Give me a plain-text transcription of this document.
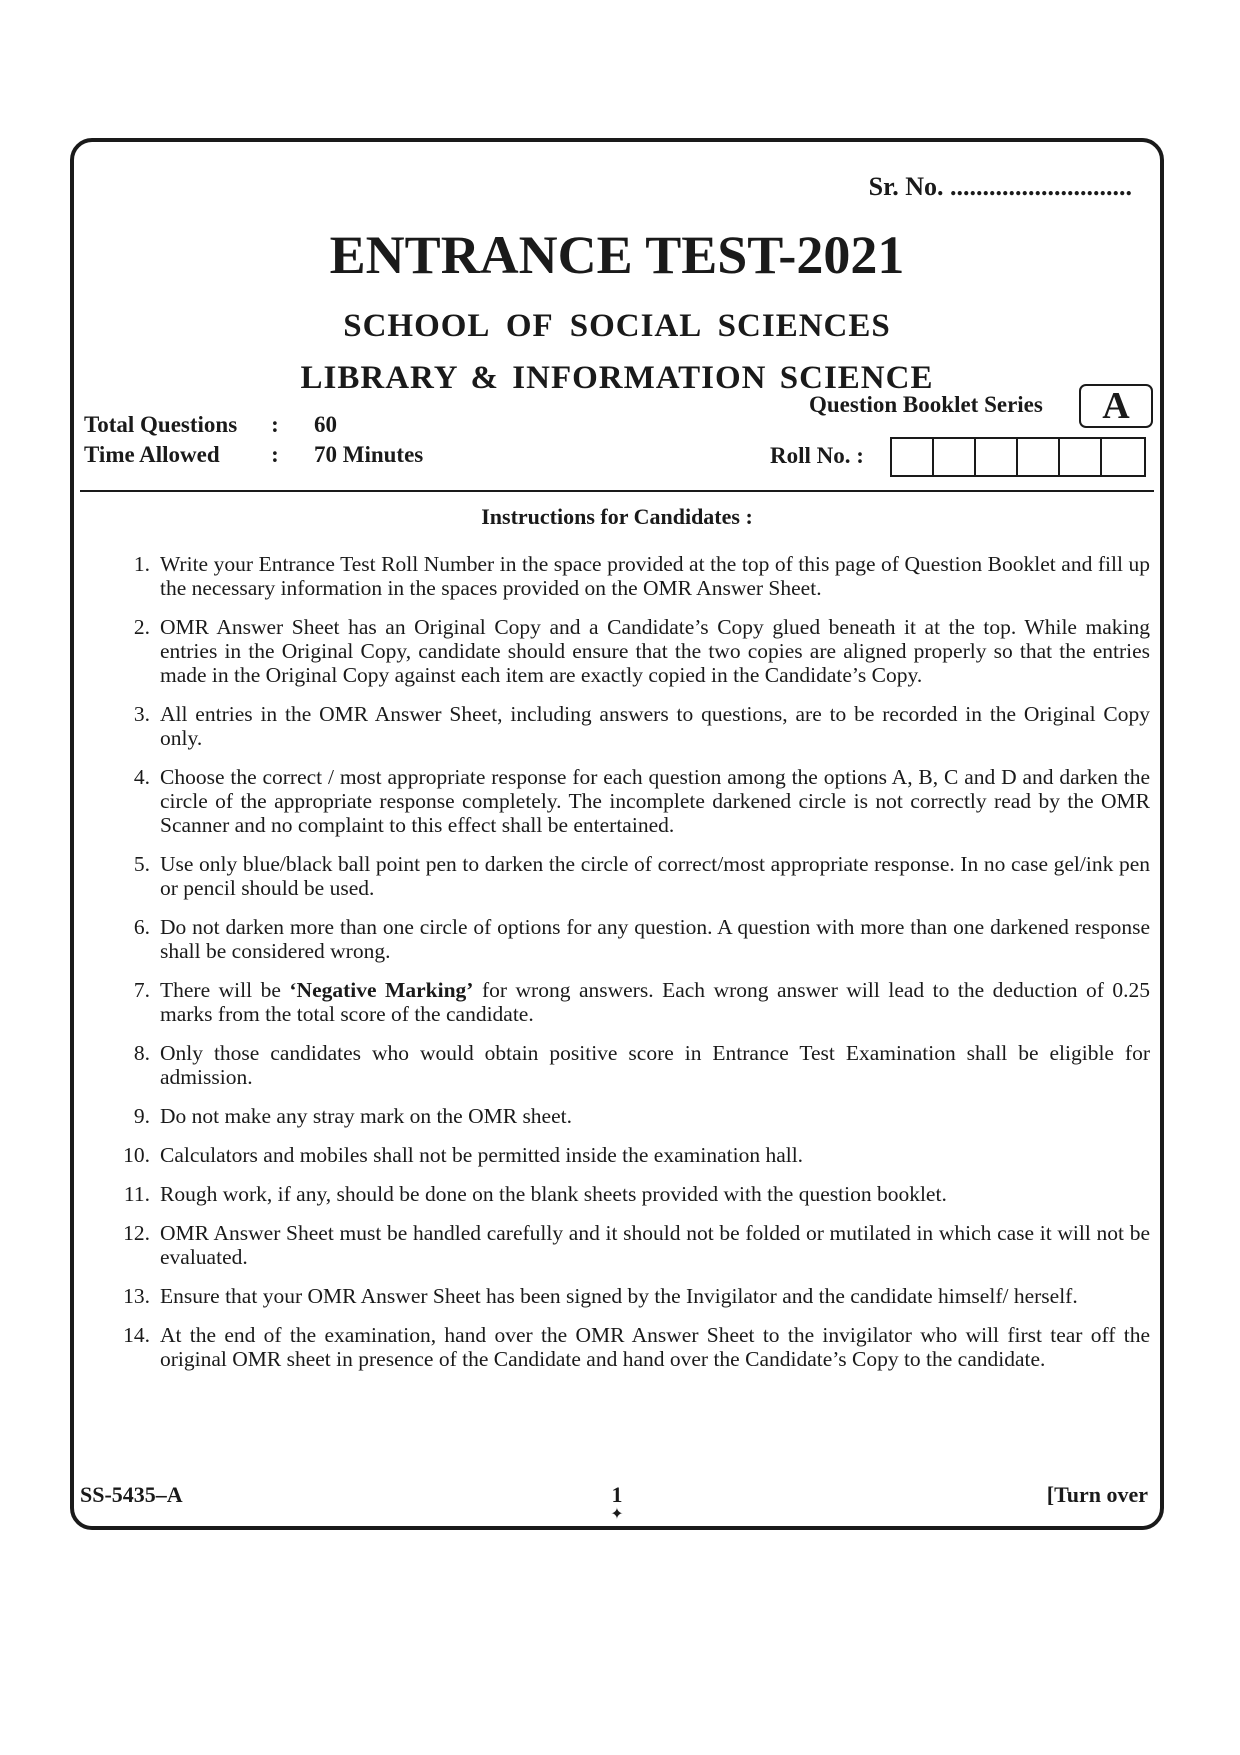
Sr. No. ............................
ENTRANCE TEST-2021
SCHOOL OF SOCIAL SCIENCES
LIBRARY & INFORMATION SCIENCE
Question Booklet Series	A
Total Questions : 60
Time Allowed : 70 Minutes	Roll No. :
Instructions for Candidates :
1. Write your Entrance Test Roll Number in the space provided at the top of this page of Question Booklet and fill up the necessary information in the spaces provided on the OMR Answer Sheet.
2. OMR Answer Sheet has an Original Copy and a Candidate’s Copy glued beneath it at the top. While making entries in the Original Copy, candidate should ensure that the two copies are aligned properly so that the entries made in the Original Copy against each item are exactly copied in the Candidate’s Copy.
3. All entries in the OMR Answer Sheet, including answers to questions, are to be recorded in the Original Copy only.
4. Choose the correct / most appropriate response for each question among the options A, B, C and D and darken the circle of the appropriate response completely. The incomplete darkened circle is not correctly read by the OMR Scanner and no complaint to this effect shall be entertained.
5. Use only blue/black ball point pen to darken the circle of correct/most appropriate response. In no case gel/ink pen or pencil should be used.
6. Do not darken more than one circle of options for any question. A question with more than one darkened response shall be considered wrong.
7. There will be ‘Negative Marking’ for wrong answers. Each wrong answer will lead to the deduction of 0.25 marks from the total score of the candidate.
8. Only those candidates who would obtain positive score in Entrance Test Examination shall be eligible for admission.
9. Do not make any stray mark on the OMR sheet.
10. Calculators and mobiles shall not be permitted inside the examination hall.
11. Rough work, if any, should be done on the blank sheets provided with the question booklet.
12. OMR Answer Sheet must be handled carefully and it should not be folded or mutilated in which case it will not be evaluated.
13. Ensure that your OMR Answer Sheet has been signed by the Invigilator and the candidate himself/ herself.
14. At the end of the examination, hand over the OMR Answer Sheet to the invigilator who will first tear off the original OMR sheet in presence of the Candidate and hand over the Candidate’s Copy to the candidate.
SS-5435–A	1
✦
[Turn over
